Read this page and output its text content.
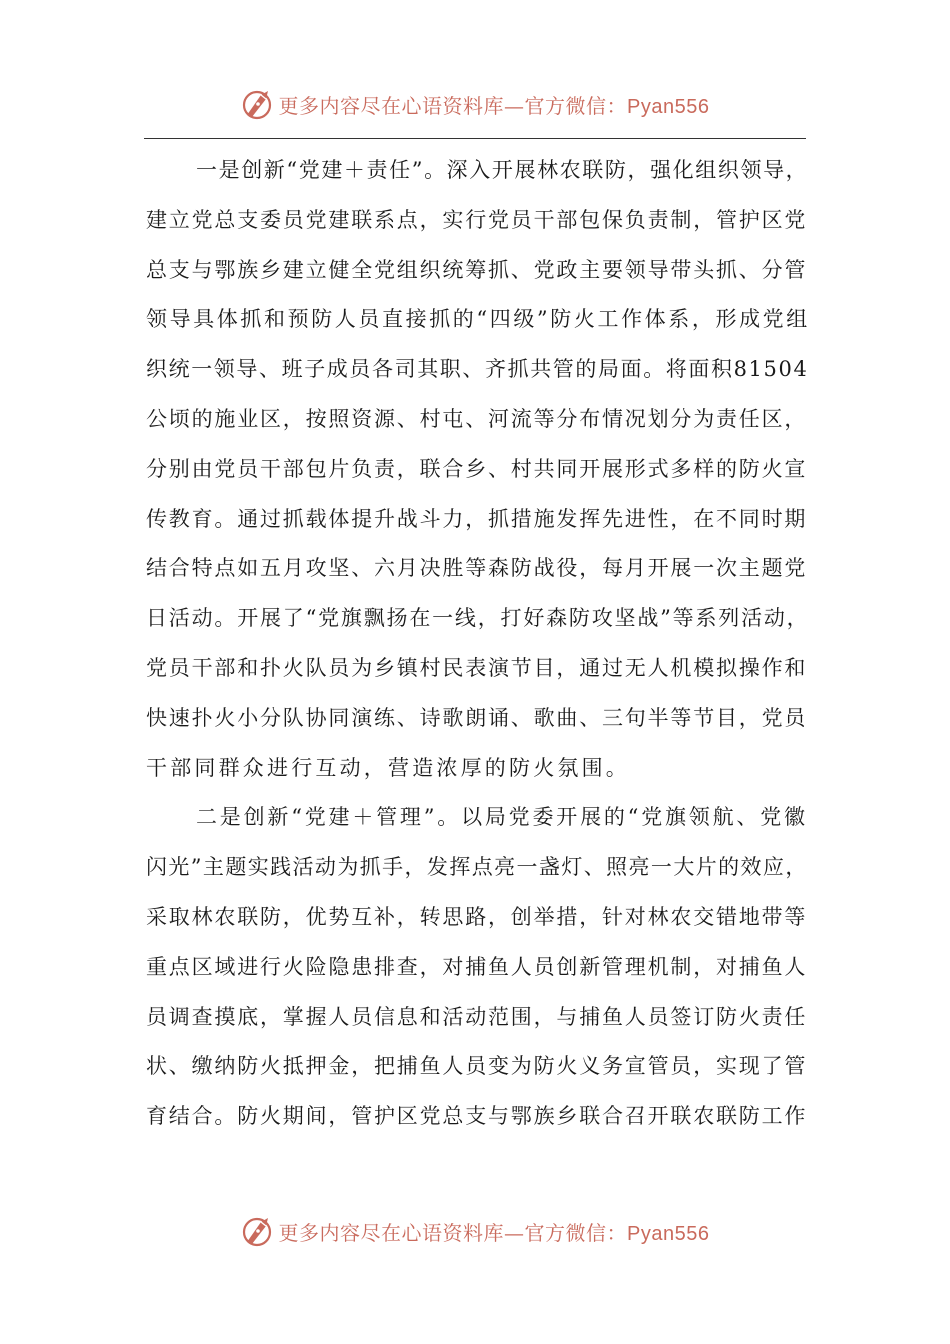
更多内容尽在心语资料库—官方微信：Pyan556
一是创新“党建＋责任”。深入开展林农联防，强化组织领导，
建立党总支委员党建联系点，实行党员干部包保负责制，管护区党
总支与鄂族乡建立健全党组织统筹抓、党政主要领导带头抓、分管
领导具体抓和预防人员直接抓的“四级”防火工作体系，形成党组
织统一领导、班子成员各司其职、齐抓共管的局面。将面积81504
公顷的施业区，按照资源、村屯、河流等分布情况划分为责任区，
分别由党员干部包片负责，联合乡、村共同开展形式多样的防火宣
传教育。通过抓载体提升战斗力，抓措施发挥先进性，在不同时期
结合特点如五月攻坚、六月决胜等森防战役，每月开展一次主题党
日活动。开展了“党旗飘扬在一线，打好森防攻坚战”等系列活动，
党员干部和扑火队员为乡镇村民表演节目，通过无人机模拟操作和
快速扑火小分队协同演练、诗歌朗诵、歌曲、三句半等节目，党员
干部同群众进行互动，营造浓厚的防火氛围。
二是创新“党建＋管理”。以局党委开展的“党旗领航、党徽
闪光”主题实践活动为抓手，发挥点亮一盏灯、照亮一大片的效应，
采取林农联防，优势互补，转思路，创举措，针对林农交错地带等
重点区域进行火险隐患排查，对捕鱼人员创新管理机制，对捕鱼人
员调查摸底，掌握人员信息和活动范围，与捕鱼人员签订防火责任
状、缴纳防火抵押金，把捕鱼人员变为防火义务宣管员，实现了管
育结合。防火期间，管护区党总支与鄂族乡联合召开联农联防工作
更多内容尽在心语资料库—官方微信：Pyan556
